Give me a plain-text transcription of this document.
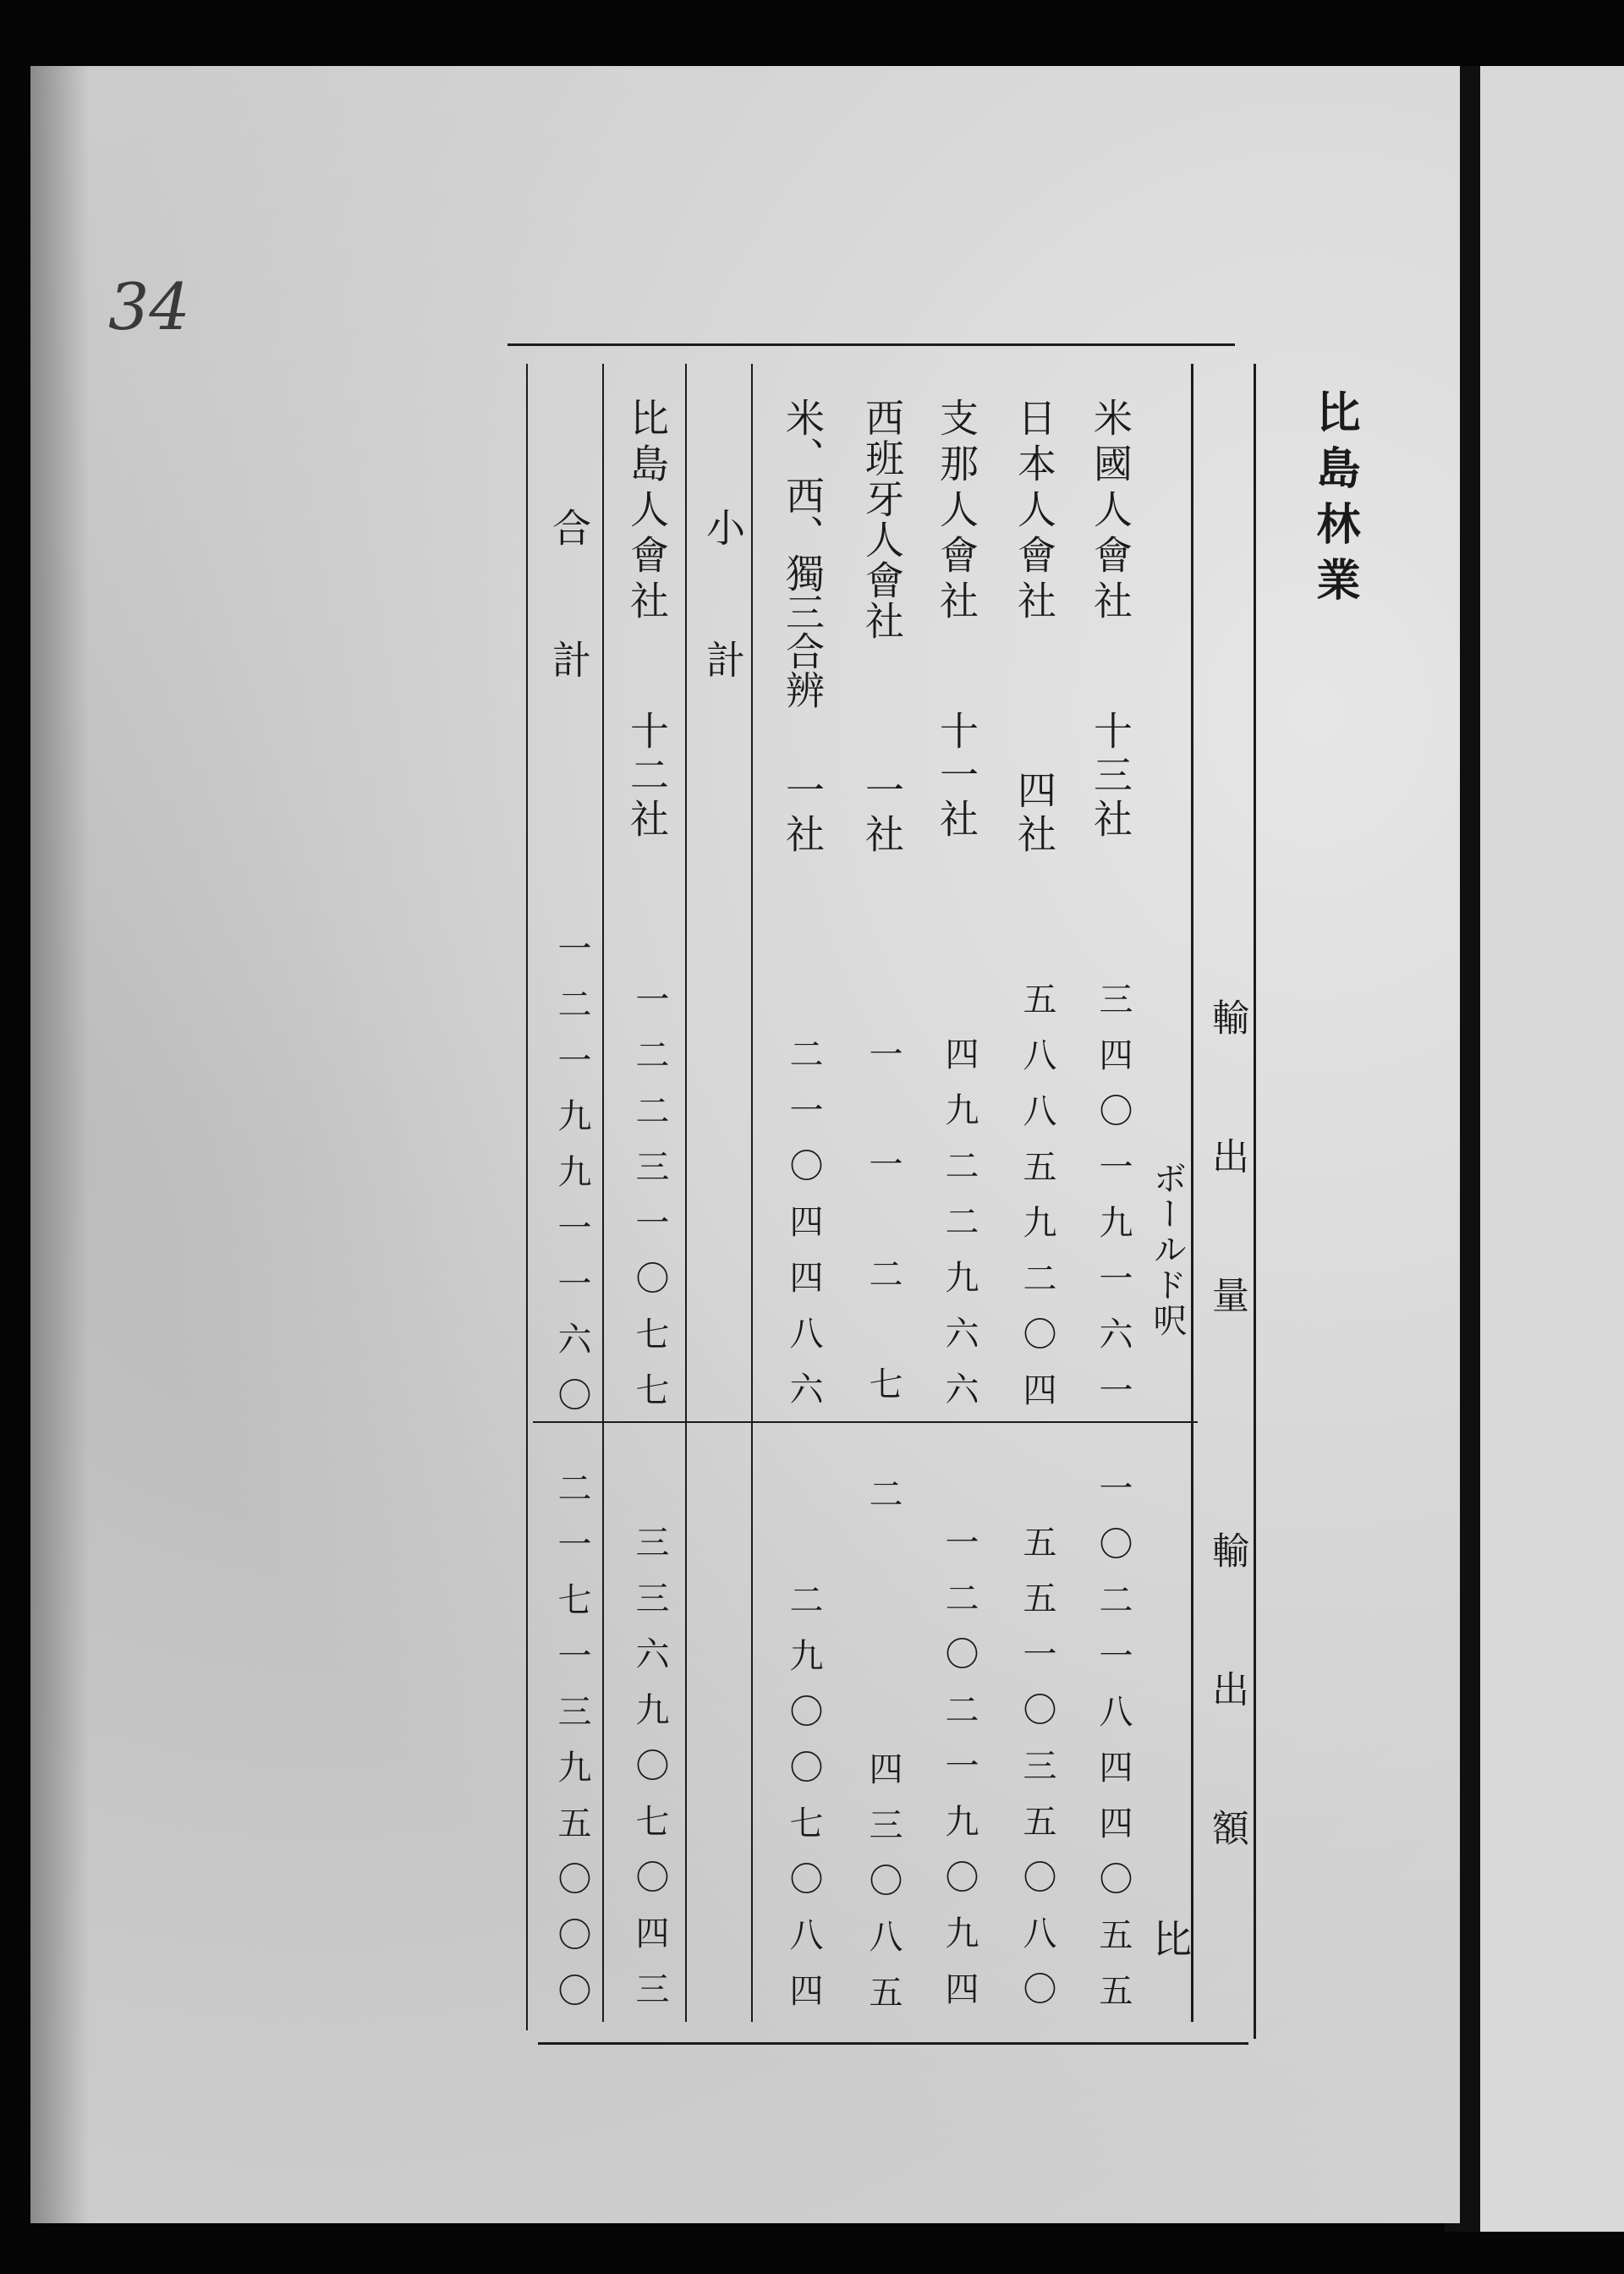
34
比島林業
輸出量
輸出額
ボールド呎
比
米國人會社
十三社
三四〇一九一六一
一〇二一八四四〇五五
日本人會社
四社
五八八五九二〇四
五五一〇三五〇八〇
支那人會社
十一社
四九二二九六六
一二〇二一九〇九四
西班牙人會社
一社
一一二七二
四三〇八五
米、西、獨三合辨
一社
二一〇四四八六
二九〇〇七〇八四
小計
比島人會社
十二社
一二二三一〇七七
三三六九〇七〇四三
合計
一二一九九一一六〇
二一七一三九五〇〇〇
